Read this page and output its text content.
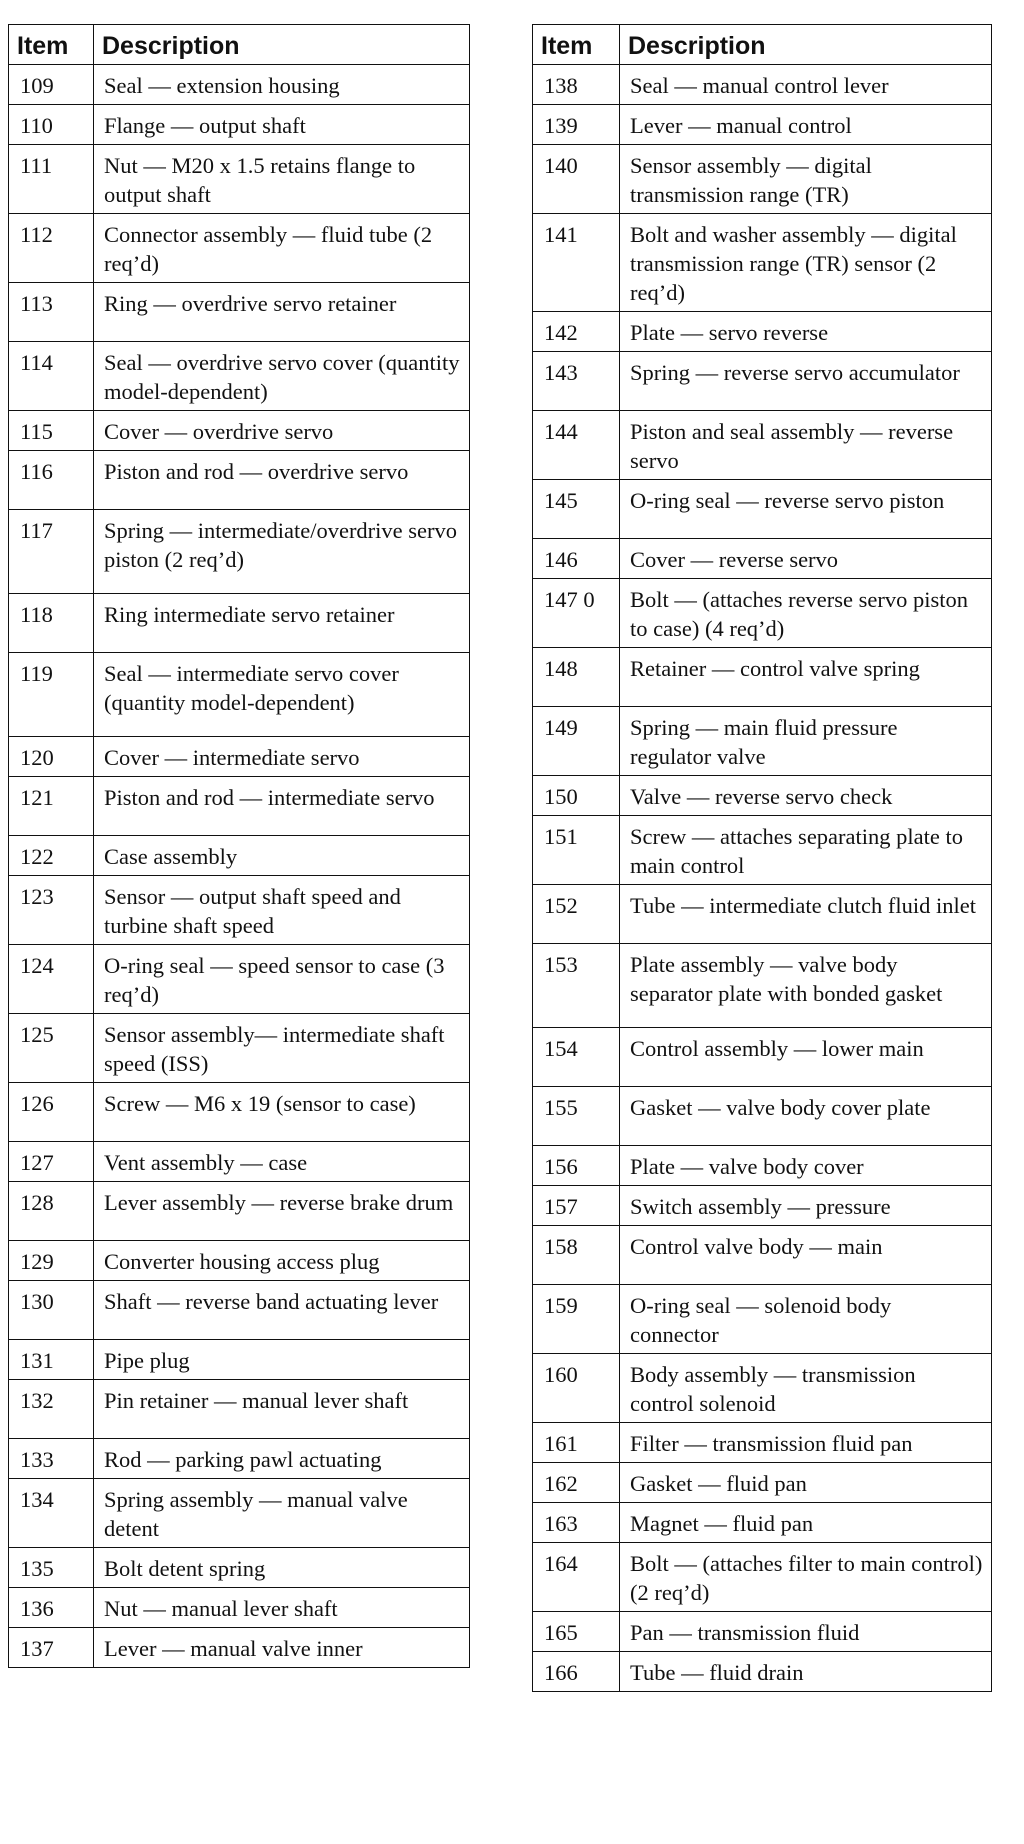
Item	Description
109	Seal — extension housing
110	Flange — output shaft
111	Nut — M20 x 1.5 retains flange to output shaft
112	Connector assembly — fluid tube (2 req’d)
113	Ring — overdrive servo retainer
114	Seal — overdrive servo cover (quantity model-dependent)
115	Cover — overdrive servo
116	Piston and rod — overdrive servo
117	Spring — intermediate/overdrive servo piston (2 req’d)
118	Ring intermediate servo retainer
119	Seal — intermediate servo cover (quantity model-dependent)
120	Cover — intermediate servo
121	Piston and rod — intermediate servo
122	Case assembly
123	Sensor — output shaft speed and turbine shaft speed
124	O-ring seal — speed sensor to case (3 req’d)
125	Sensor assembly— intermediate shaft speed (ISS)
126	Screw — M6 x 19 (sensor to case)
127	Vent assembly — case
128	Lever assembly — reverse brake drum
129	Converter housing access plug
130	Shaft — reverse band actuating lever
131	Pipe plug
132	Pin retainer — manual lever shaft
133	Rod — parking pawl actuating
134	Spring assembly — manual valve detent
135	Bolt detent spring
136	Nut — manual lever shaft
137	Lever — manual valve inner
Item	Description
138	Seal — manual control lever
139	Lever — manual control
140	Sensor assembly — digital transmission range (TR)
141	Bolt and washer assembly — digital transmission range (TR) sensor (2 req’d)
142	Plate — servo reverse
143	Spring — reverse servo accumulator
144	Piston and seal assembly — reverse servo
145	O-ring seal — reverse servo piston
146	Cover — reverse servo
147 0	Bolt — (attaches reverse servo piston to case) (4 req’d)
148	Retainer — control valve spring
149	Spring — main fluid pressure regulator valve
150	Valve — reverse servo check
151	Screw — attaches separating plate to main control
152	Tube — intermediate clutch fluid inlet
153	Plate assembly — valve body separator plate with bonded gasket
154	Control assembly — lower main
155	Gasket — valve body cover plate
156	Plate — valve body cover
157	Switch assembly — pressure
158	Control valve body — main
159	O-ring seal — solenoid body connector
160	Body assembly — transmission control solenoid
161	Filter — transmission fluid pan
162	Gasket — fluid pan
163	Magnet — fluid pan
164	Bolt — (attaches filter to main control) (2 req’d)
165	Pan — transmission fluid
166	Tube — fluid drain
